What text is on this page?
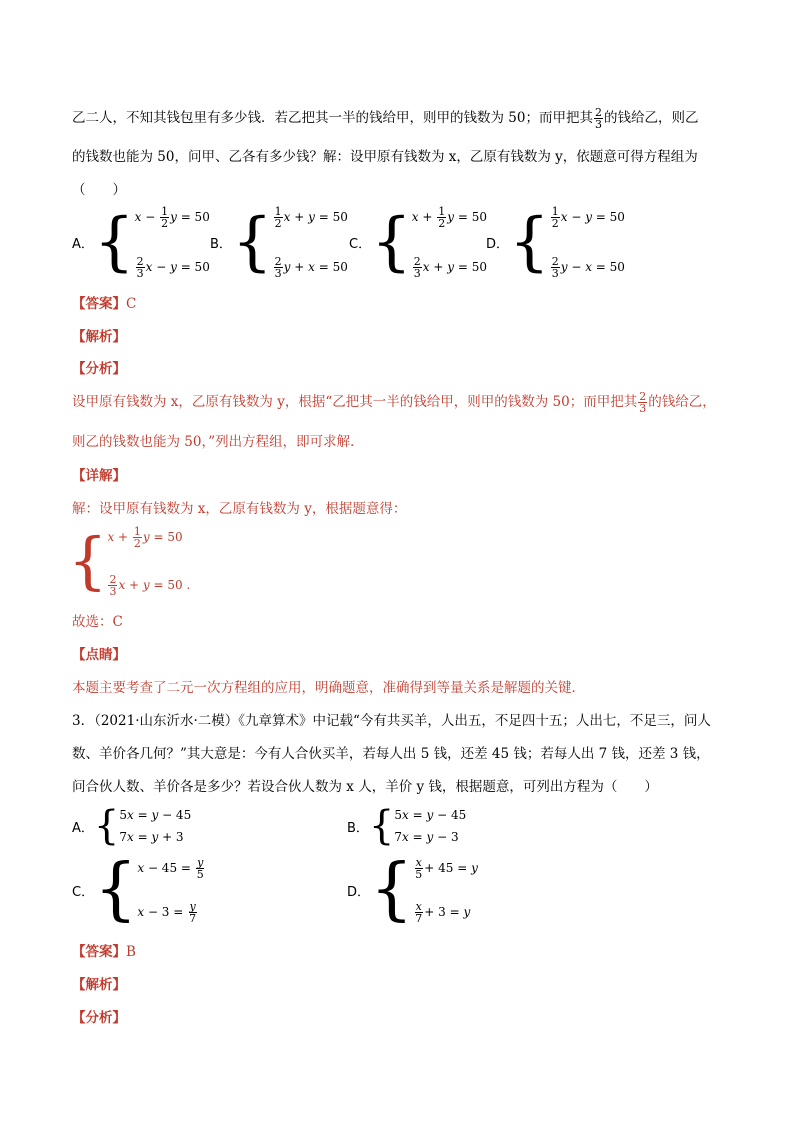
乙二人，不知其钱包里有多少钱．若乙把其一半的钱给甲，则甲的钱数为 50；而甲把其 $\frac{2}{3}$ 的钱给乙，则乙
的钱数也能为 50，问甲、乙各有多少钱？解：设甲原有钱数为 x，乙原有钱数为 y，依题意可得方程组为
（　　）
A． { $x - \frac{1}{2}$ y = 50
$\frac{2}{3}$ x − y = 50
B． { $\frac{1}{2}$ x + y = 50
$\frac{2}{3}$ y + x = 50
C． { $x + \frac{1}{2}$ y = 50
$\frac{2}{3}$ x + y = 50
D． { $\frac{1}{2}$ x − y = 50
$\frac{2}{3}$ y − x = 50
【答案】C
【解析】
【分析】
设甲原有钱数为 x，乙原有钱数为 y，根据“乙把其一半的钱给甲，则甲的钱数为 50；而甲把其 $\frac{2}{3}$ 的钱给乙，
则乙的钱数也能为 50，”列出方程组，即可求解．
【详解】
解：设甲原有钱数为 x，乙原有钱数为 y，根据题意得：
{ $x + \frac{1}{2}$ y = 50
$\frac{2}{3}$ x + y = 50 .
故选：C
【点睛】
本题主要考查了二元一次方程组的应用，明确题意，准确得到等量关系是解题的关键．
3．（2021·山东沂水·二模）《九章算术》中记载“今有共买羊，人出五，不足四十五；人出七，不足三，问人
数、羊价各几何？”其大意是：今有人合伙买羊，若每人出 5 钱，还差 45 钱；若每人出 7 钱，还差 3 钱，
问合伙人数、羊价各是多少？若设合伙人数为 x 人，羊价 y 钱，根据题意，可列出方程为（　　）
A． { 5 x = y − 45
7 x = y + 3
B． { 5 x = y − 45
7 x = y − 3
C． { $x - 45 = \frac{y}{5}$
$x - 3 = \frac{y}{7}$
D． { $\frac{x}{5} + 45 = y$
$\frac{x}{7} + 3 = y$
【答案】B
【解析】
【分析】
